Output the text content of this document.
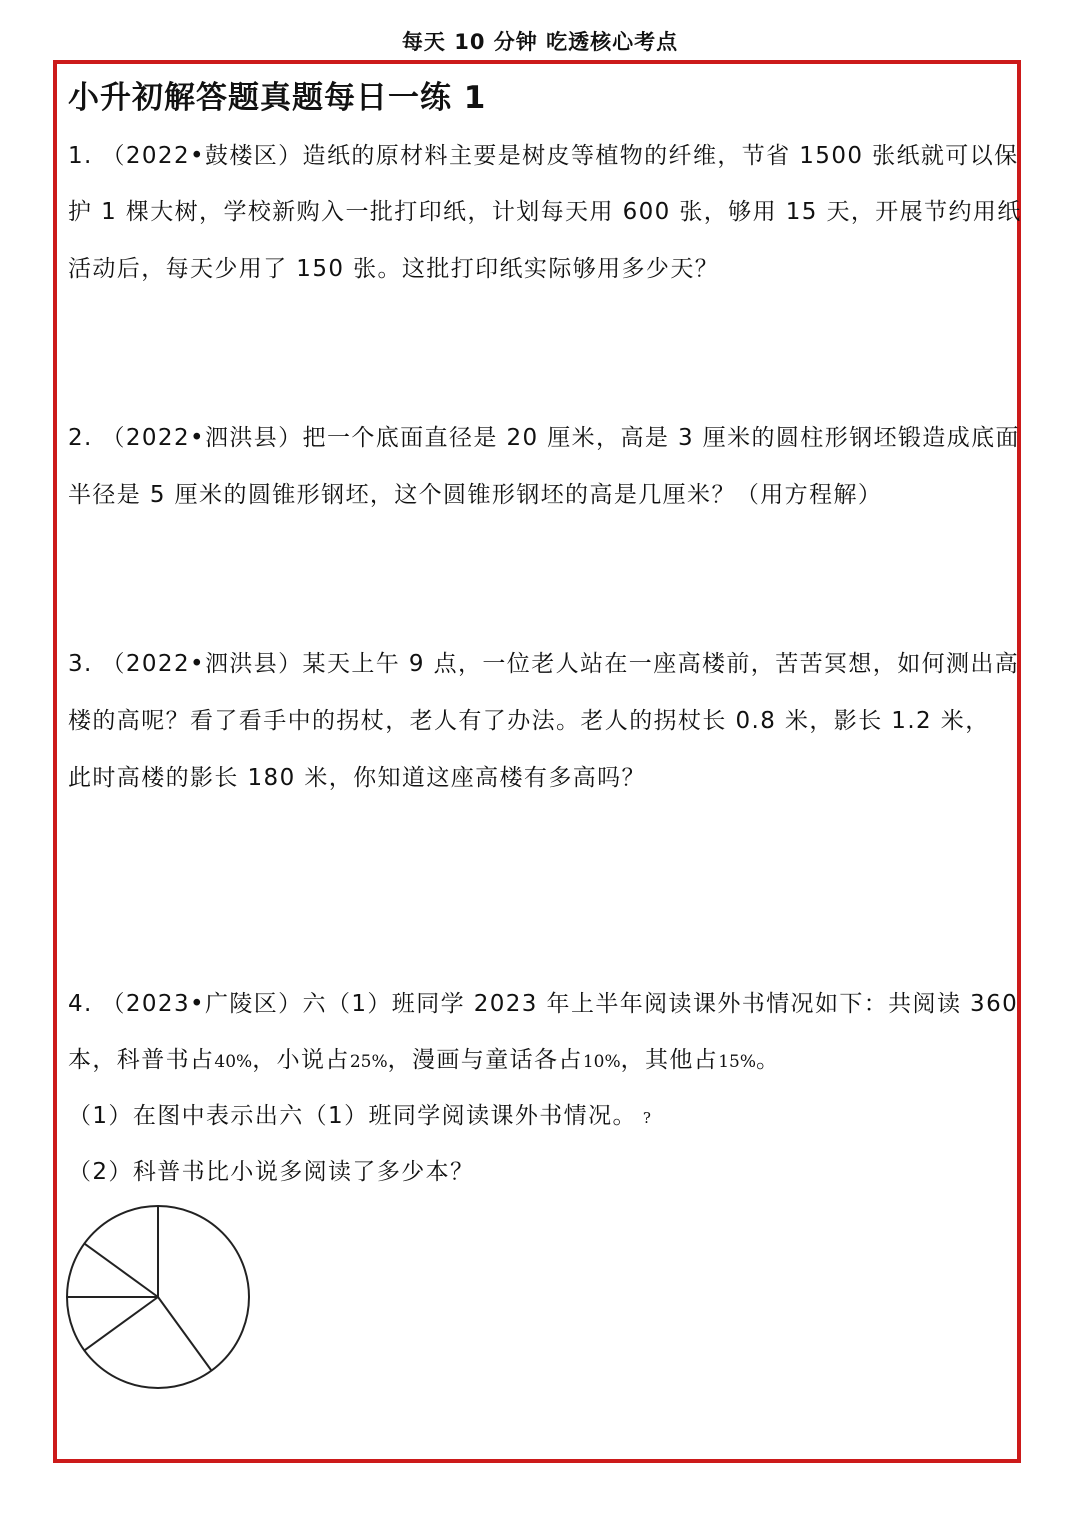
每天 10 分钟 吃透核心考点
小升初解答题真题每日一练 1
1. （2022•鼓楼区）造纸的原材料主要是树皮等植物的纤维，节省 1500 张纸就可以保
护 1 棵大树，学校新购入一批打印纸，计划每天用 600 张，够用 15 天，开展节约用纸
活动后，每天少用了 150 张。这批打印纸实际够用多少天？
2. （2022•泗洪县）把一个底面直径是 20 厘米，高是 3 厘米的圆柱形钢坯锻造成底面
半径是 5 厘米的圆锥形钢坯，这个圆锥形钢坯的高是几厘米？（用方程解）
3. （2022•泗洪县）某天上午 9 点，一位老人站在一座高楼前，苦苦冥想，如何测出高
楼的高呢？看了看手中的拐杖，老人有了办法。老人的拐杖长 0.8 米，影长 1.2 米，
此时高楼的影长 180 米，你知道这座高楼有多高吗？
4. （2023•广陵区）六（1）班同学 2023 年上半年阅读课外书情况如下：共阅读 360
本，科普书占40%，小说占25%，漫画与童话各占10%，其他占15%。
（1）在图中表示出六（1）班同学阅读课外书情况。 ?
（2）科普书比小说多阅读了多少本？
